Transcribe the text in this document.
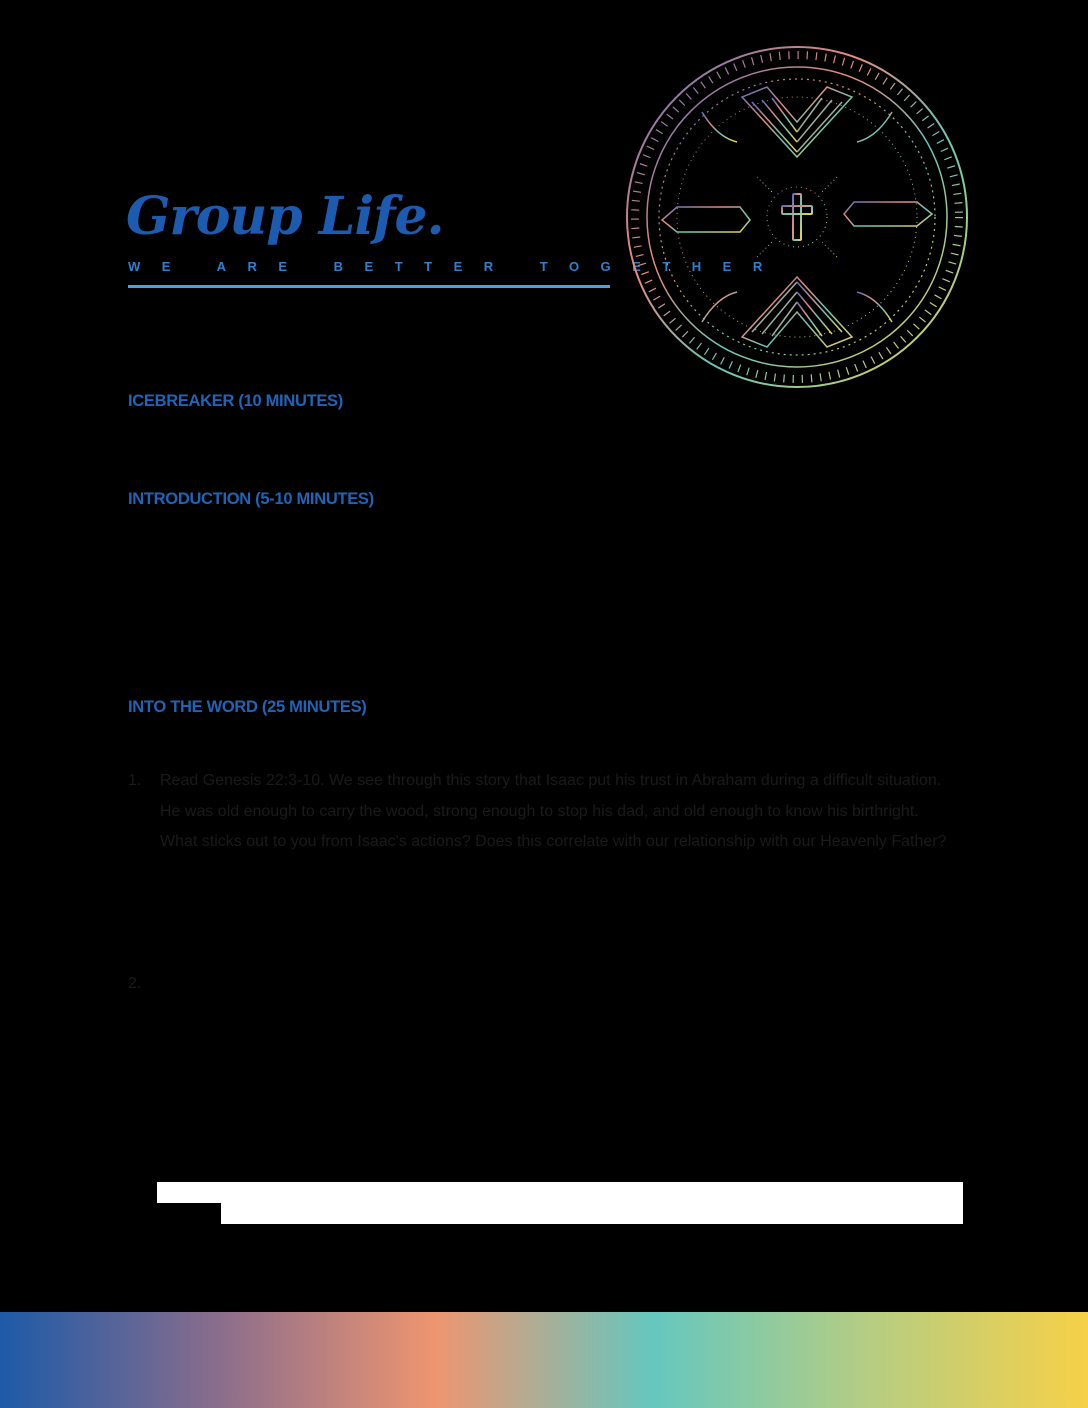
Group Life.
WE ARE BETTER TOGETHER
ICEBREAKER (10 MINUTES)
INTRODUCTION (5-10 MINUTES)
INTO THE WORD (25 MINUTES)
1. Read Genesis 22:3-10. We see through this story that Isaac put his trust in Abraham during a difficult situation. He was old enough to carry the wood, strong enough to stop his dad, and old enough to know his birthright. What sticks out to you from Isaac's actions? Does this correlate with our relationship with our Heavenly Father?

2.
